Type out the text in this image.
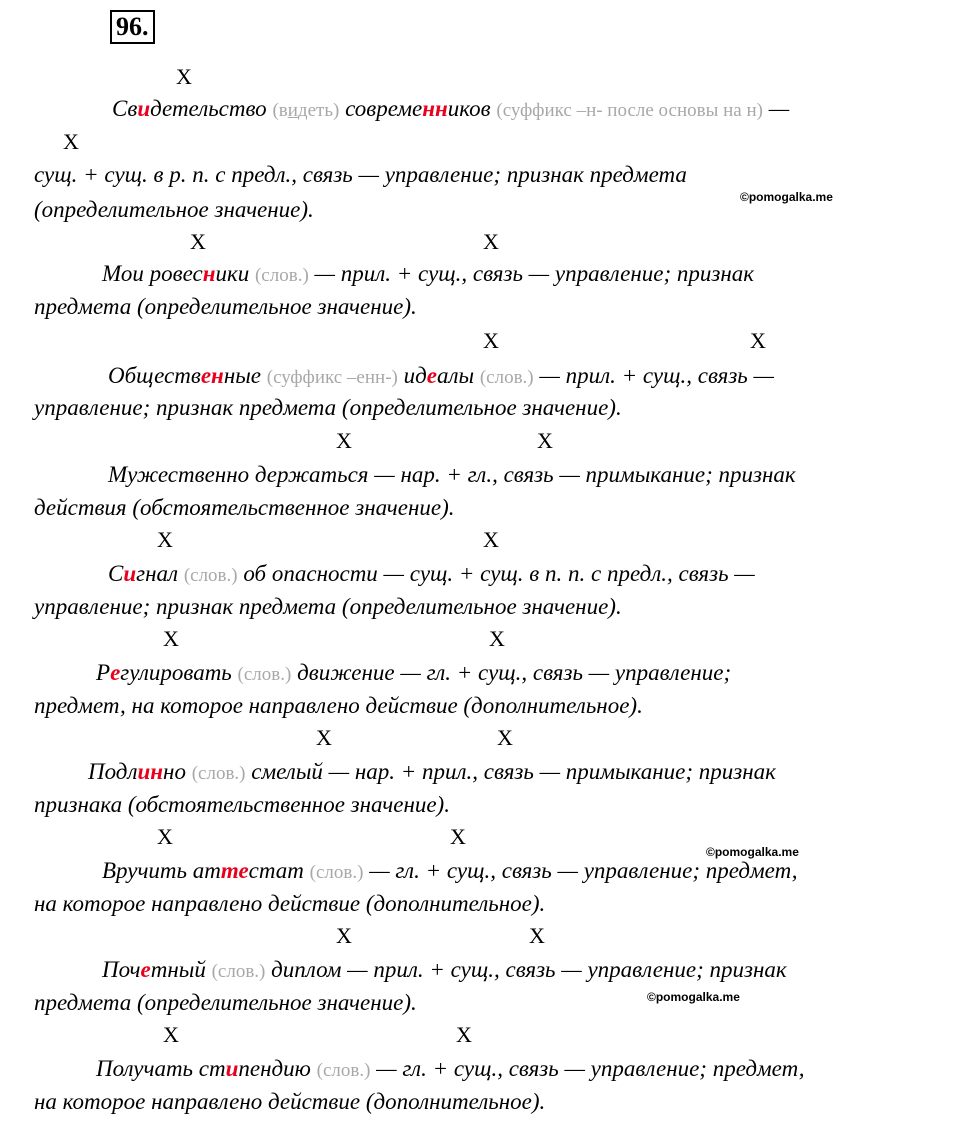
96.
X
Свидетельство (видеть) современников (суффикс –н- после основы на н) —
X
сущ. + сущ. в р. п. с предл., связь — управление; признак предмета
©pomogalka.me
(определительное значение).
X	X
Мои ровесники (слов.) — прил. + сущ., связь — управление; признак
предмета (определительное значение).
X	X
Общественные (суффикс –енн-) идеалы (слов.) — прил. + сущ., связь —
управление; признак предмета (определительное значение).
X	X
Мужественно держаться — нар. + гл., связь — примыкание; признак
действия (обстоятельственное значение).
X	X
Сигнал (слов.) об опасности — сущ. + сущ. в п. п. с предл., связь —
управление; признак предмета (определительное значение).
X	X
Регулировать (слов.) движение — гл. + сущ., связь — управление;
предмет, на которое направлено действие (дополнительное).
X	X
Подлинно (слов.) смелый — нар. + прил., связь — примыкание; признак
признака (обстоятельственное значение).
X	X
©pomogalka.me
Вручить аттестат (слов.) — гл. + сущ., связь — управление; предмет,
на которое направлено действие (дополнительное).
X	X
Почетный (слов.) диплом — прил. + сущ., связь — управление; признак
©pomogalka.me
предмета (определительное значение).
X	X
Получать стипендию (слов.) — гл. + сущ., связь — управление; предмет,
на которое направлено действие (дополнительное).
